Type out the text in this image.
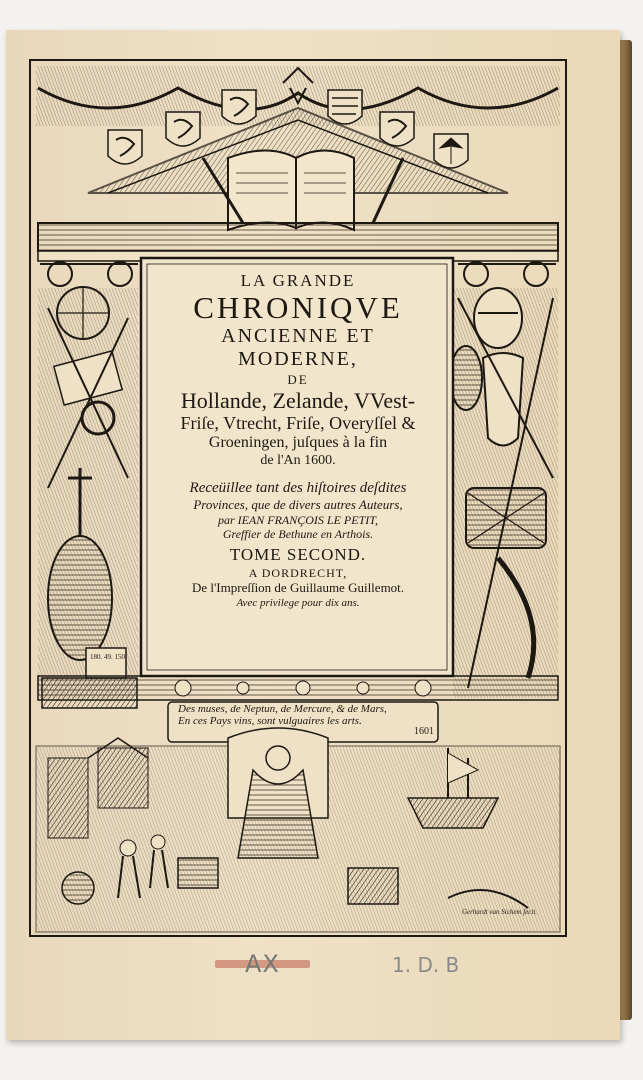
180. 49. 150.
LA GRANDE
CHRONIQVE
ANCIENNE ET
MODERNE,
DE
Hollande, Zelande, VVest-
Friſe, Vtrecht, Friſe, Overyſſel &
Groeningen, juſques à la fin
de l'An 1600.
Receüillee tant des hiſtoires deſdites
Provinces, que de divers autres Auteurs,
par IEAN FRANÇOIS LE PETIT,
Greffier de Bethune en Arthois.
TOME SECOND.
A DORDRECHT,
De l'Impreſſion de Guillaume Guillemot.
Avec privilege pour dix ans.
Des muses, de Neptun, de Mercure, & de Mars,
En ces Pays vins, sont vulguaires les arts.
1601
Gerhardt van Sichem fecit.
AX	1. D. B
